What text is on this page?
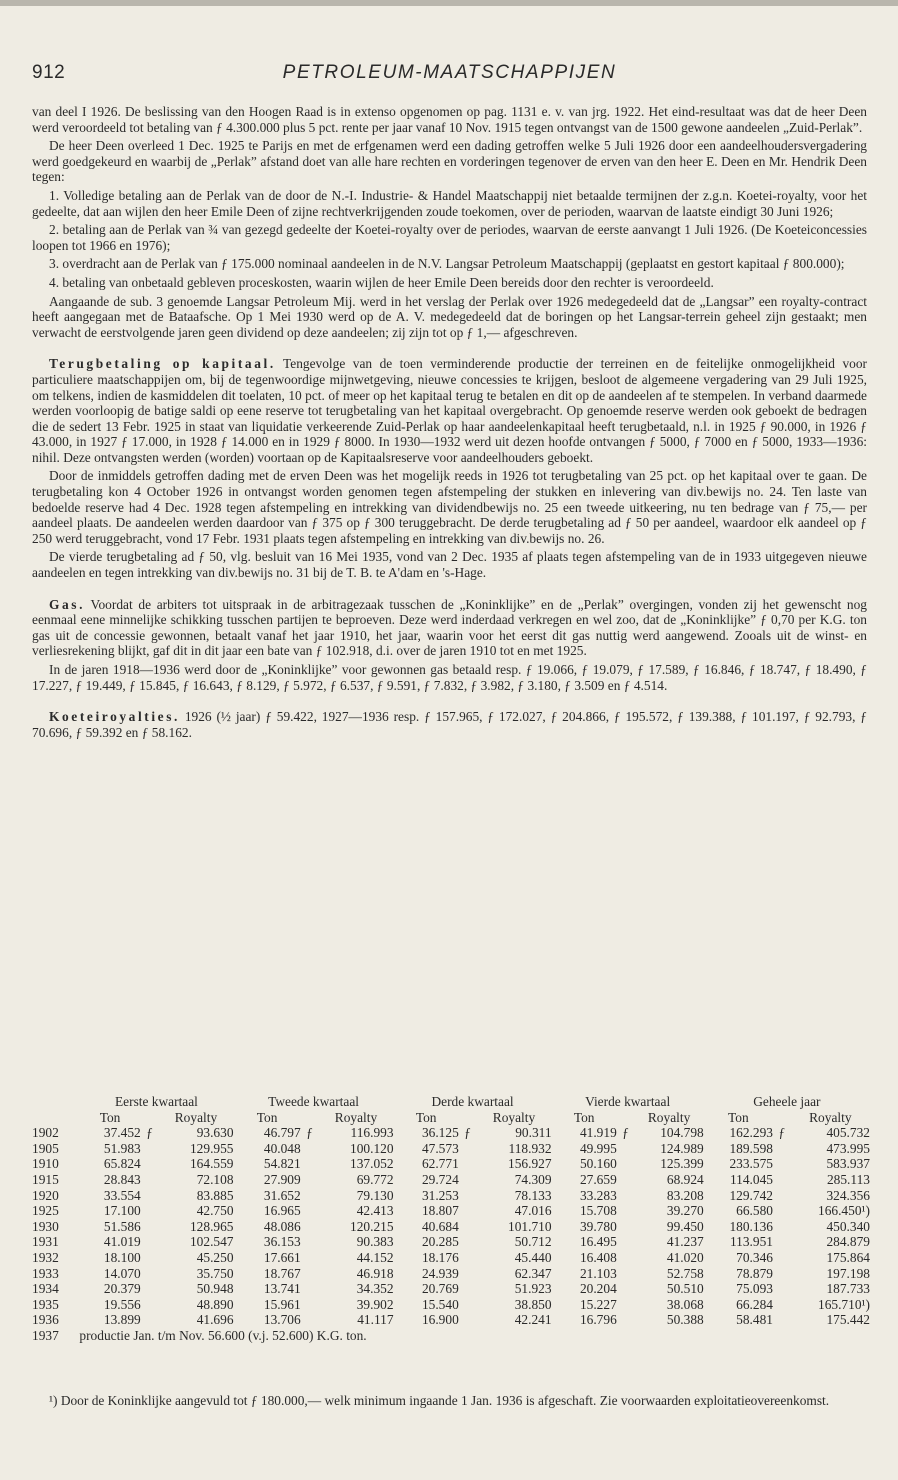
912	PETROLEUM-MAATSCHAPPIJEN

van deel I 1926. De beslissing van den Hoogen Raad is in extenso opgenomen op pag. 1131 e. v. van jrg. 1922. Het eind-resultaat was dat de heer Deen werd veroordeeld tot betaling van ƒ 4.300.000 plus 5 pct. rente per jaar vanaf 10 Nov. 1915 tegen ontvangst van de 1500 gewone aandeelen „Zuid-Perlak”.

De heer Deen overleed 1 Dec. 1925 te Parijs en met de erfgenamen werd een dading getroffen welke 5 Juli 1926 door een aandeelhoudersvergadering werd goedgekeurd en waarbij de „Perlak” afstand doet van alle hare rechten en vorderingen tegenover de erven van den heer E. Deen en Mr. Hendrik Deen tegen:

1. Volledige betaling aan de Perlak van de door de N.-I. Industrie- & Handel Maatschappij niet betaalde termijnen der z.g.n. Koetei-royalty, voor het gedeelte, dat aan wijlen den heer Emile Deen of zijne rechtverkrijgenden zoude toekomen, over de perioden, waarvan de laatste eindigt 30 Juni 1926;

2. betaling aan de Perlak van ¾ van gezegd gedeelte der Koetei-royalty over de periodes, waarvan de eerste aanvangt 1 Juli 1926. (De Koeteiconcessies loopen tot 1966 en 1976);

3. overdracht aan de Perlak van ƒ 175.000 nominaal aandeelen in de N.V. Langsar Petroleum Maatschappij (geplaatst en gestort kapitaal ƒ 800.000);

4. betaling van onbetaald gebleven proceskosten, waarin wijlen de heer Emile Deen bereids door den rechter is veroordeeld.

Aangaande de sub. 3 genoemde Langsar Petroleum Mij. werd in het verslag der Perlak over 1926 medegedeeld dat de „Langsar” een royalty-contract heeft aangegaan met de Bataafsche. Op 1 Mei 1930 werd op de A. V. medegedeeld dat de boringen op het Langsar-terrein geheel zijn gestaakt; men verwacht de eerstvolgende jaren geen dividend op deze aandeelen; zij zijn tot op ƒ 1,— afgeschreven.

Terugbetaling op kapitaal. Tengevolge van de toen verminderende productie der terreinen en de feitelijke onmogelijkheid voor particuliere maatschappijen om, bij de tegenwoordige mijnwetgeving, nieuwe concessies te krijgen, besloot de algemeene vergadering van 29 Juli 1925, om telkens, indien de kasmiddelen dit toelaten, 10 pct. of meer op het kapitaal terug te betalen en dit op de aandeelen af te stempelen. In verband daarmede werden voorloopig de batige saldi op eene reserve tot terugbetaling van het kapitaal overgebracht. Op genoemde reserve werden ook geboekt de bedragen die de sedert 13 Febr. 1925 in staat van liquidatie verkeerende Zuid-Perlak op haar aandeelenkapitaal heeft terugbetaald, n.l. in 1925 ƒ 90.000, in 1926 ƒ 43.000, in 1927 ƒ 17.000, in 1928 ƒ 14.000 en in 1929 ƒ 8000. In 1930—1932 werd uit dezen hoofde ontvangen ƒ 5000, ƒ 7000 en ƒ 5000, 1933—1936: nihil. Deze ontvangsten werden (worden) voortaan op de Kapitaalsreserve voor aandeelhouders geboekt.

Door de inmiddels getroffen dading met de erven Deen was het mogelijk reeds in 1926 tot terugbetaling van 25 pct. op het kapitaal over te gaan. De terugbetaling kon 4 October 1926 in ontvangst worden genomen tegen afstempeling der stukken en inlevering van div.bewijs no. 24. Ten laste van bedoelde reserve had 4 Dec. 1928 tegen afstempeling en intrekking van dividendbewijs no. 25 een tweede uitkeering, nu ten bedrage van ƒ 75,— per aandeel plaats. De aandeelen werden daardoor van ƒ 375 op ƒ 300 teruggebracht. De derde terugbetaling ad ƒ 50 per aandeel, waardoor elk aandeel op ƒ 250 werd teruggebracht, vond 17 Febr. 1931 plaats tegen afstempeling en intrekking van div.bewijs no. 26.

De vierde terugbetaling ad ƒ 50, vlg. besluit van 16 Mei 1935, vond van 2 Dec. 1935 af plaats tegen afstempeling van de in 1933 uitgegeven nieuwe aandeelen en tegen intrekking van div.bewijs no. 31 bij de T. B. te A'dam en 's-Hage.

Gas. Voordat de arbiters tot uitspraak in de arbitragezaak tusschen de „Koninklijke” en de „Perlak” overgingen, vonden zij het gewenscht nog eenmaal eene minnelijke schikking tusschen partijen te beproeven. Deze werd inderdaad verkregen en wel zoo, dat de „Koninklijke” ƒ 0,70 per K.G. ton gas uit de concessie gewonnen, betaalt vanaf het jaar 1910, het jaar, waarin voor het eerst dit gas nuttig werd aangewend. Zooals uit de winst- en verliesrekening blijkt, gaf dit in dit jaar een bate van ƒ 102.918, d.i. over de jaren 1910 tot en met 1925.

In de jaren 1918—1936 werd door de „Koninklijke” voor gewonnen gas betaald resp. ƒ 19.066, ƒ 19.079, ƒ 17.589, ƒ 16.846, ƒ 18.747, ƒ 18.490, ƒ 17.227, ƒ 19.449, ƒ 15.845, ƒ 16.643, ƒ 8.129, ƒ 5.972, ƒ 6.537, ƒ 9.591, ƒ 7.832, ƒ 3.982, ƒ 3.180, ƒ 3.509 en ƒ 4.514.

Koeteiroyalties. 1926 (½ jaar) ƒ 59.422, 1927—1936 resp. ƒ 157.965, ƒ 172.027, ƒ 204.866, ƒ 195.572, ƒ 139.388, ƒ 101.197, ƒ 92.793, ƒ 70.696, ƒ 59.392 en ƒ 58.162.

	Eerste kwartaal			Tweede kwartaal			Derde kwartaal			Vierde kwartaal			Geheele jaar		
	Ton		Royalty	Ton		Royalty	Ton		Royalty	Ton		Royalty	Ton		Royalty
1902	37.452	ƒ	93.630	46.797	ƒ	116.993	36.125	ƒ	90.311	41.919	ƒ	104.798	162.293	ƒ	405.732
1905	51.983		129.955	40.048		100.120	47.573		118.932	49.995		124.989	189.598		473.995
1910	65.824		164.559	54.821		137.052	62.771		156.927	50.160		125.399	233.575		583.937
1915	28.843		72.108	27.909		69.772	29.724		74.309	27.659		68.924	114.045		285.113
1920	33.554		83.885	31.652		79.130	31.253		78.133	33.283		83.208	129.742		324.356
1925	17.100		42.750	16.965		42.413	18.807		47.016	15.708		39.270	66.580		166.450¹)
1930	51.586		128.965	48.086		120.215	40.684		101.710	39.780		99.450	180.136		450.340
1931	41.019		102.547	36.153		90.383	20.285		50.712	16.495		41.237	113.951		284.879
1932	18.100		45.250	17.661		44.152	18.176		45.440	16.408		41.020	70.346		175.864
1933	14.070		35.750	18.767		46.918	24.939		62.347	21.103		52.758	78.879		197.198
1934	20.379		50.948	13.741		34.352	20.769		51.923	20.204		50.510	75.093		187.733
1935	19.556		48.890	15.961		39.902	15.540		38.850	15.227		38.068	66.284		165.710¹)
1936	13.899		41.696	13.706		41.117	16.900		42.241	16.796		50.388	58.481		175.442
1937	productie Jan. t/m Nov. 56.600 (v.j. 52.600) K.G. ton.														

¹) Door de Koninklijke aangevuld tot ƒ 180.000,— welk minimum ingaande 1 Jan. 1936 is afgeschaft. Zie voorwaarden exploitatieovereenkomst.
